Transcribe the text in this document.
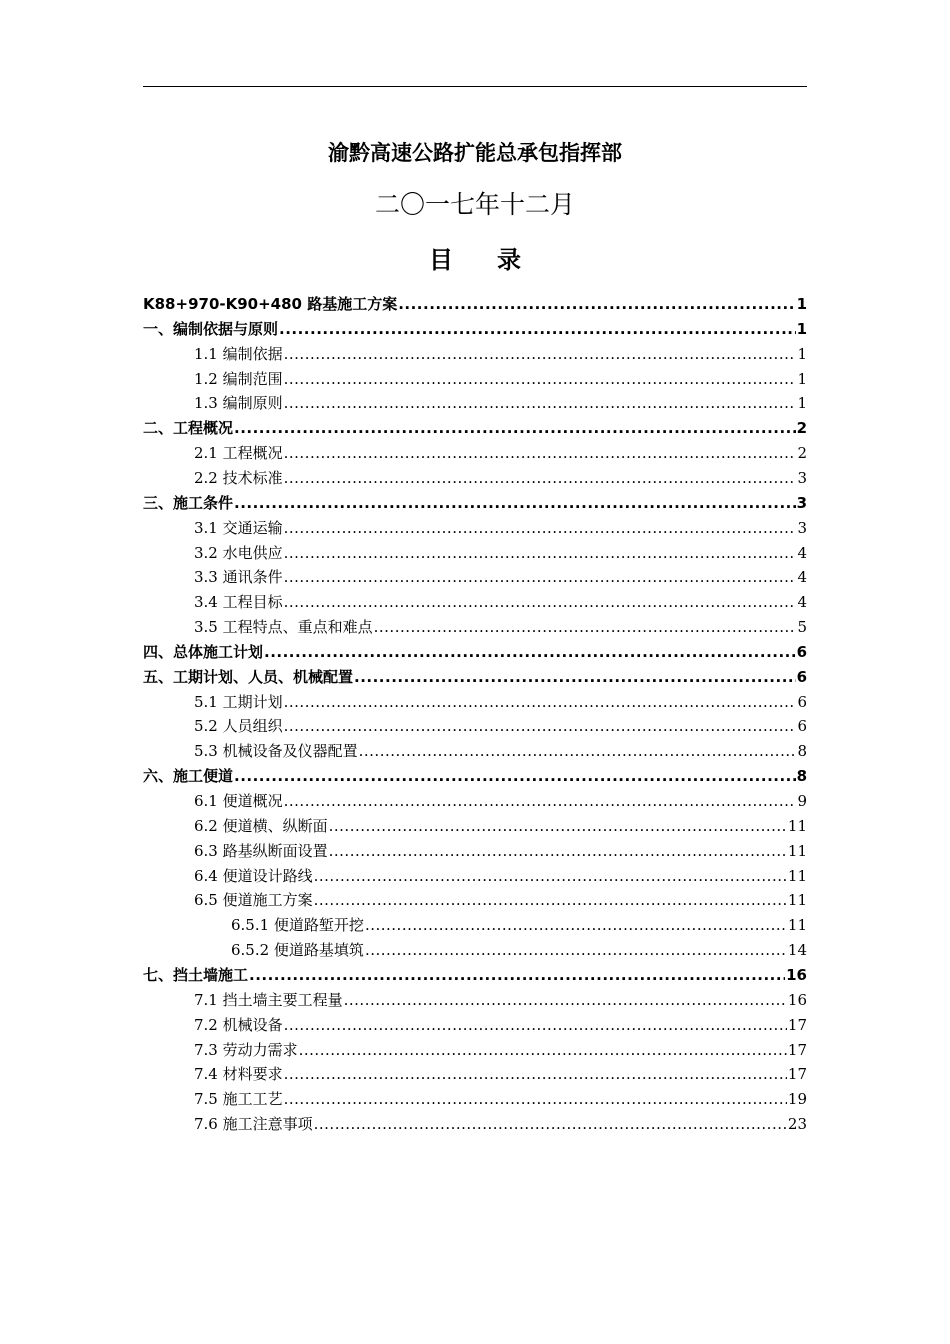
渝黔高速公路扩能总承包指挥部
二〇一七年十二月
目 录
K88+970-K90+480 路基施工方案 .....	1
一、编制依据与原则 .....	1
1.1 编制依据 .....	1
1.2 编制范围 .....	1
1.3 编制原则 .....	1
二、工程概况 .....	2
2.1 工程概况 .....	2
2.2 技术标准 .....	3
三、施工条件 .....	3
3.1 交通运输 .....	3
3.2 水电供应 .....	4
3.3 通讯条件 .....	4
3.4 工程目标 .....	4
3.5 工程特点、重点和难点 .....	5
四、总体施工计划 .....	6
五、工期计划、人员、机械配置 .....	6
5.1 工期计划 .....	6
5.2 人员组织 .....	6
5.3 机械设备及仪器配置 .....	8
六、施工便道 .....	8
6.1 便道概况 .....	9
6.2 便道横、纵断面 .....	11
6.3 路基纵断面设置 .....	11
6.4 便道设计路线 .....	11
6.5 便道施工方案 .....	11
6.5.1 便道路堑开挖 .....	11
6.5.2 便道路基填筑 .....	14
七、挡土墙施工 .....	16
7.1 挡土墙主要工程量 .....	16
7.2 机械设备 .....	17
7.3 劳动力需求 .....	17
7.4 材料要求 .....	17
7.5 施工工艺 .....	19
7.6 施工注意事项 .....	23
